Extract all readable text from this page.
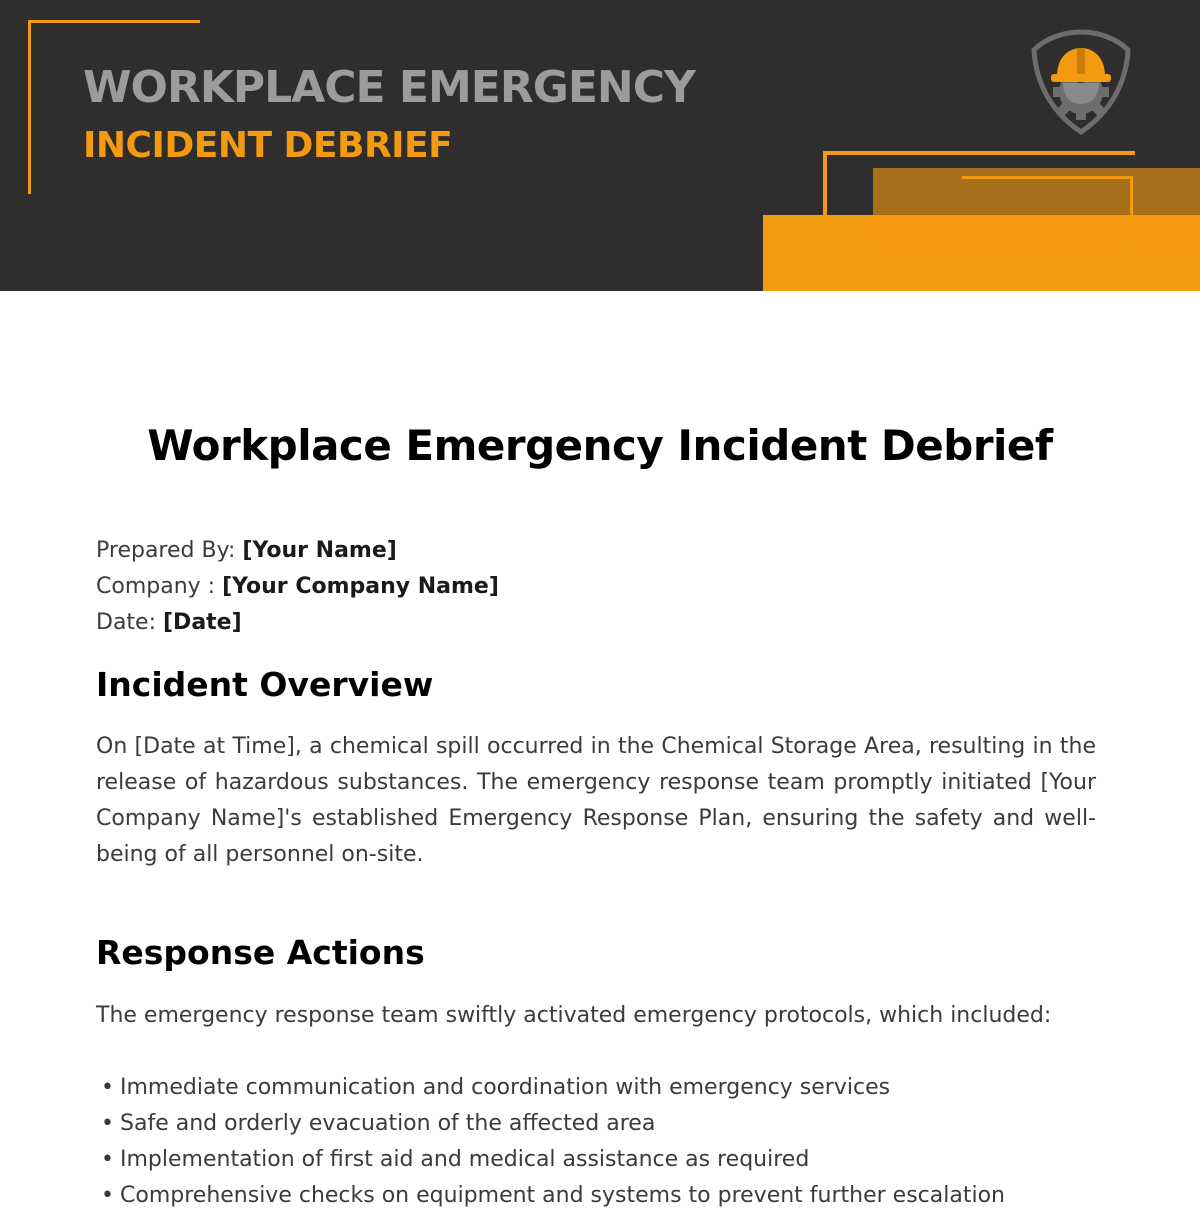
WORKPLACE EMERGENCY
INCIDENT DEBRIEF
Workplace Emergency Incident Debrief
Prepared By: [Your Name]
Company : [Your Company Name]
Date: [Date]
Incident Overview

On [Date at Time], a chemical spill occurred in the Chemical Storage Area, resulting in the release of hazardous substances. The emergency response team promptly initiated [Your Company Name]'s established Emergency Response Plan, ensuring the safety and well-being of all personnel on-site.

Response Actions

The emergency response team swiftly activated emergency protocols, which included:

• Immediate communication and coordination with emergency services
• Safe and orderly evacuation of the affected area
• Implementation of first aid and medical assistance as required
• Comprehensive checks on equipment and systems to prevent further escalation
